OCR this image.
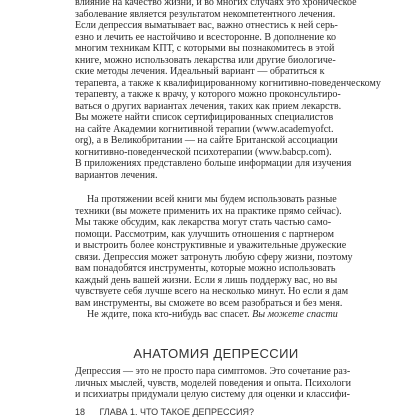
влияние на качество жизни, и во многих случаях это хроническое
заболевание является результатом некомпетентного лечения.
Если депрессия выматывает вас, важно отнестись к ней серь-
езно и лечить ее настойчиво и всесторонне. В дополнение ко
многим техникам КПТ, с которыми вы познакомитесь в этой
книге, можно использовать лекарства или другие биологиче-
ские методы лечения. Идеальный вариант — обратиться к
терапевта, а также к квалифицированному когнитивно-поведенческому
терапевту, а также к врачу, у которого можно проконсультиро-
ваться о других вариантах лечения, таких как прием лекарств.
Вы можете найти список сертифицированных специалистов
на сайте Академии когнитивной терапии (www.academyofct.
org), а в Великобритании — на сайте Британской ассоциации
когнитивно-поведенческой психотерапии (www.babcp.com).
В приложениях представлено больше информации для изучения
вариантов лечения.

На протяжении всей книги мы будем использовать разные
техники (вы можете применить их на практике прямо сейчас).
Мы также обсудим, как лекарства могут стать частью само-
помощи. Рассмотрим, как улучшить отношения с партнером
и выстроить более конструктивные и уважительные дружеские
связи. Депрессия может затронуть любую сферу жизни, поэтому
вам понадобятся инструменты, которые можно использовать
каждый день вашей жизни. Если я лишь поддержу вас, но вы
чувствуете себя лучше всего на несколько минут. Но если я дам
вам инструменты, вы сможете во всем разобраться и без меня.

Не ждите, пока кто-нибудь вас спасет. Вы можете спасти

АНАТОМИЯ ДЕПРЕССИИ

Депрессия — это не просто пара симптомов. Это сочетание раз-
личных мыслей, чувств, моделей поведения и опыта. Психологи
и психиатры придумали целую систему для оценки и классифи-

18 ГЛАВА 1. ЧТО ТАКОЕ ДЕПРЕССИЯ?
